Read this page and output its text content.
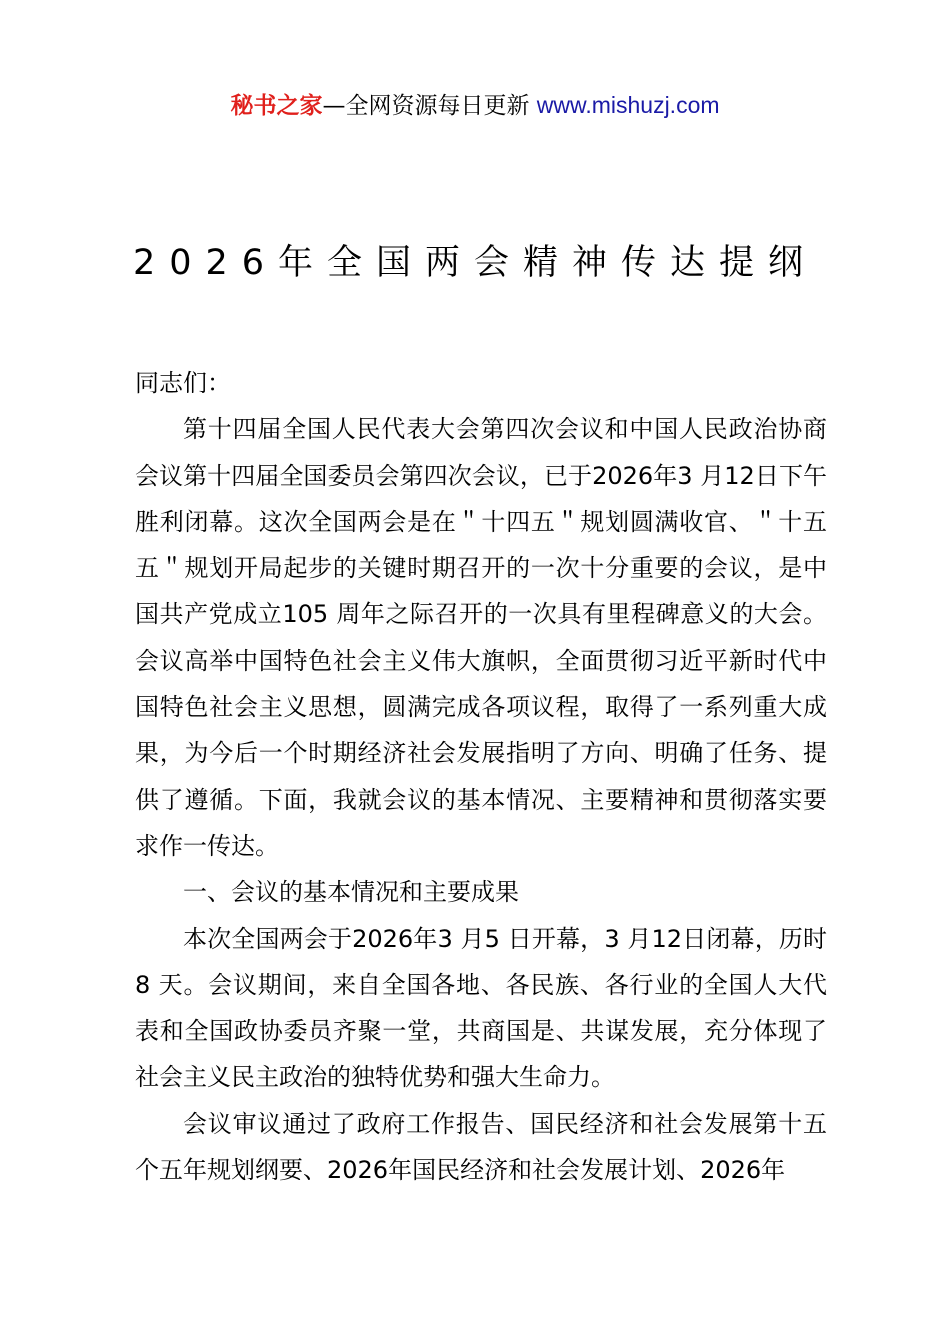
秘书之家—全网资源每日更新 www.mishuzj.com
2026年全国两会精神传达提纲

同志们：

第十四届全国人民代表大会第四次会议和中国人民政治协商会议第十四届全国委员会第四次会议，已于2026年3 月12日下午胜利闭幕。这次全国两会是在＂十四五＂规划圆满收官、＂十五五＂规划开局起步的关键时期召开的一次十分重要的会议，是中国共产党成立105 周年之际召开的一次具有里程碑意义的大会。会议高举中国特色社会主义伟大旗帜，全面贯彻习近平新时代中国特色社会主义思想，圆满完成各项议程，取得了一系列重大成果，为今后一个时期经济社会发展指明了方向、明确了任务、提供了遵循。下面，我就会议的基本情况、主要精神和贯彻落实要求作一传达。

一、会议的基本情况和主要成果

本次全国两会于2026年3 月5 日开幕，3 月12日闭幕，历时8 天。会议期间，来自全国各地、各民族、各行业的全国人大代表和全国政协委员齐聚一堂，共商国是、共谋发展，充分体现了社会主义民主政治的独特优势和强大生命力。

会议审议通过了政府工作报告、国民经济和社会发展第十五个五年规划纲要、2026年国民经济和社会发展计划、2026年
